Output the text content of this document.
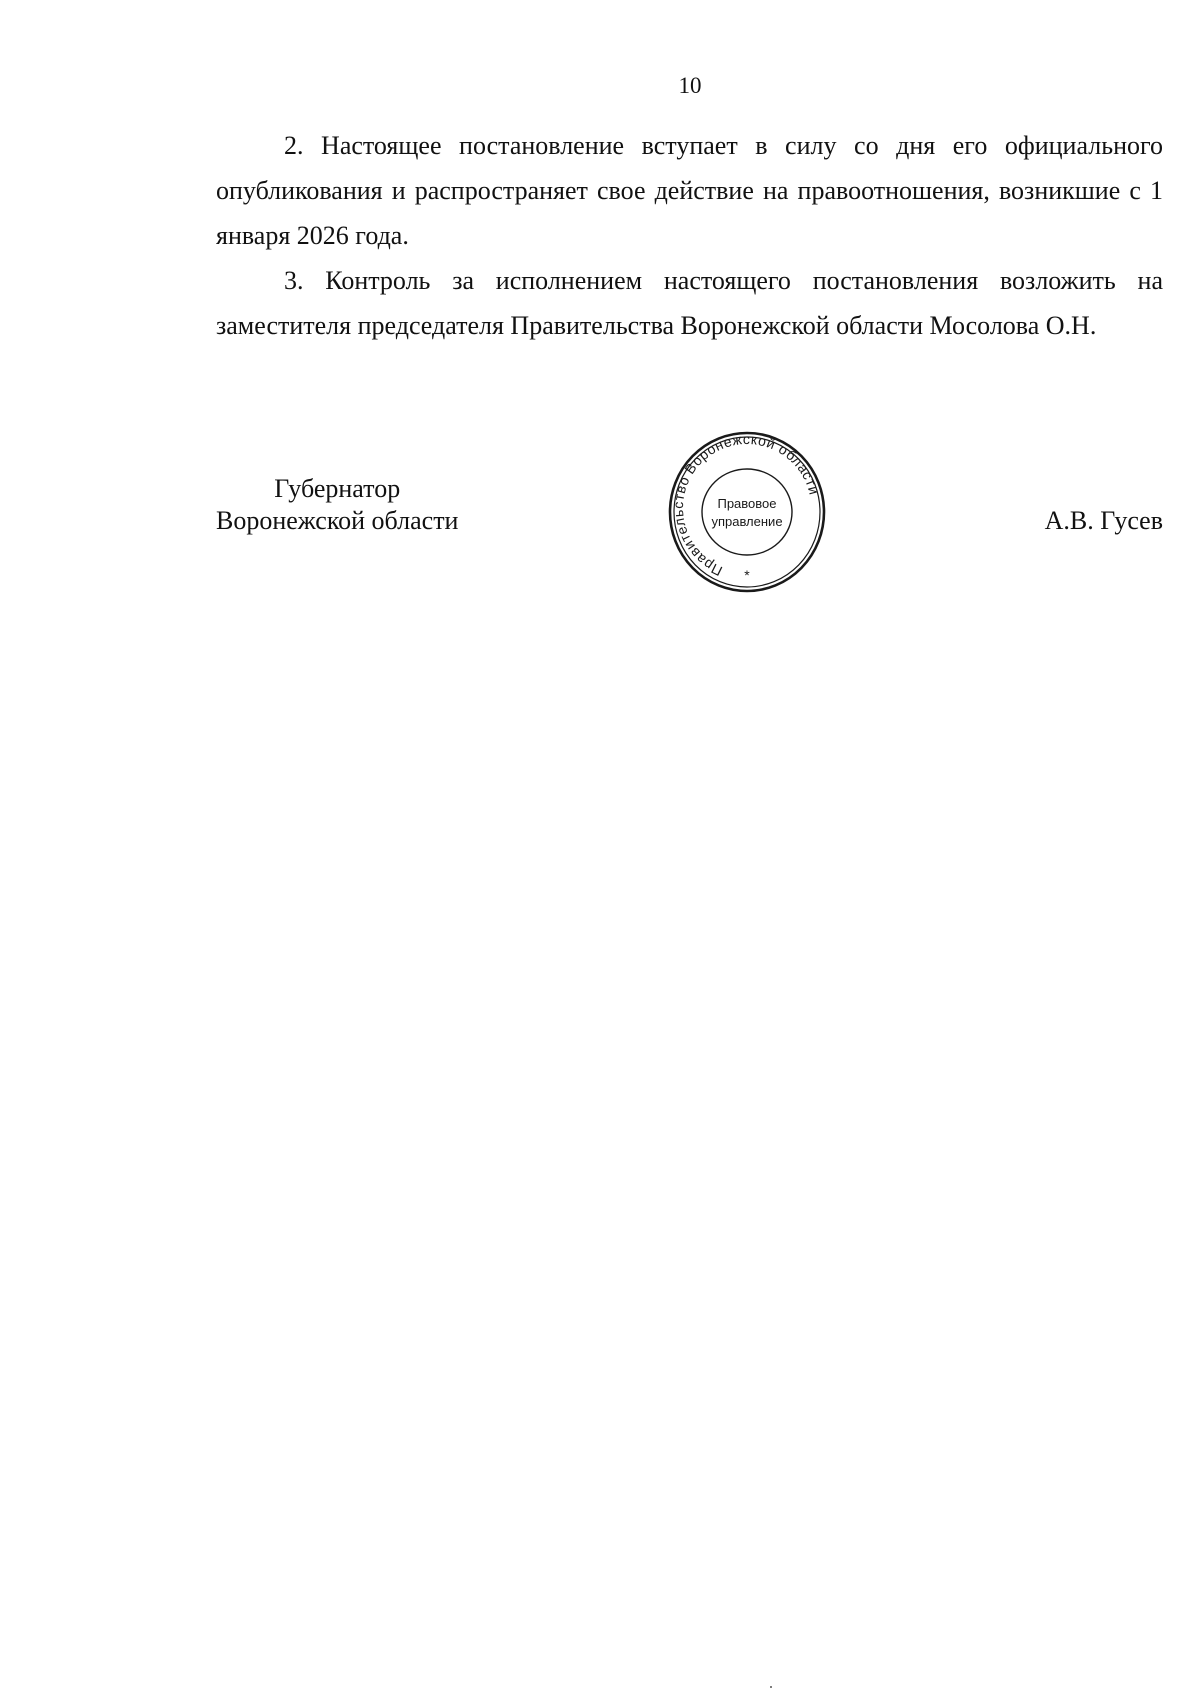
10

2. Настоящее постановление вступает в силу со дня его официального опубликования и распространяет свое действие на правоотношения, возникшие с 1 января 2026 года.

3. Контроль за исполнением настоящего постановления возложить на заместителя председателя Правительства Воронежской области Мосолова О.Н.

Губернатор
Воронежской области
Правительство Воронежской области
Правовое
управление
*
А.В. Гусев
